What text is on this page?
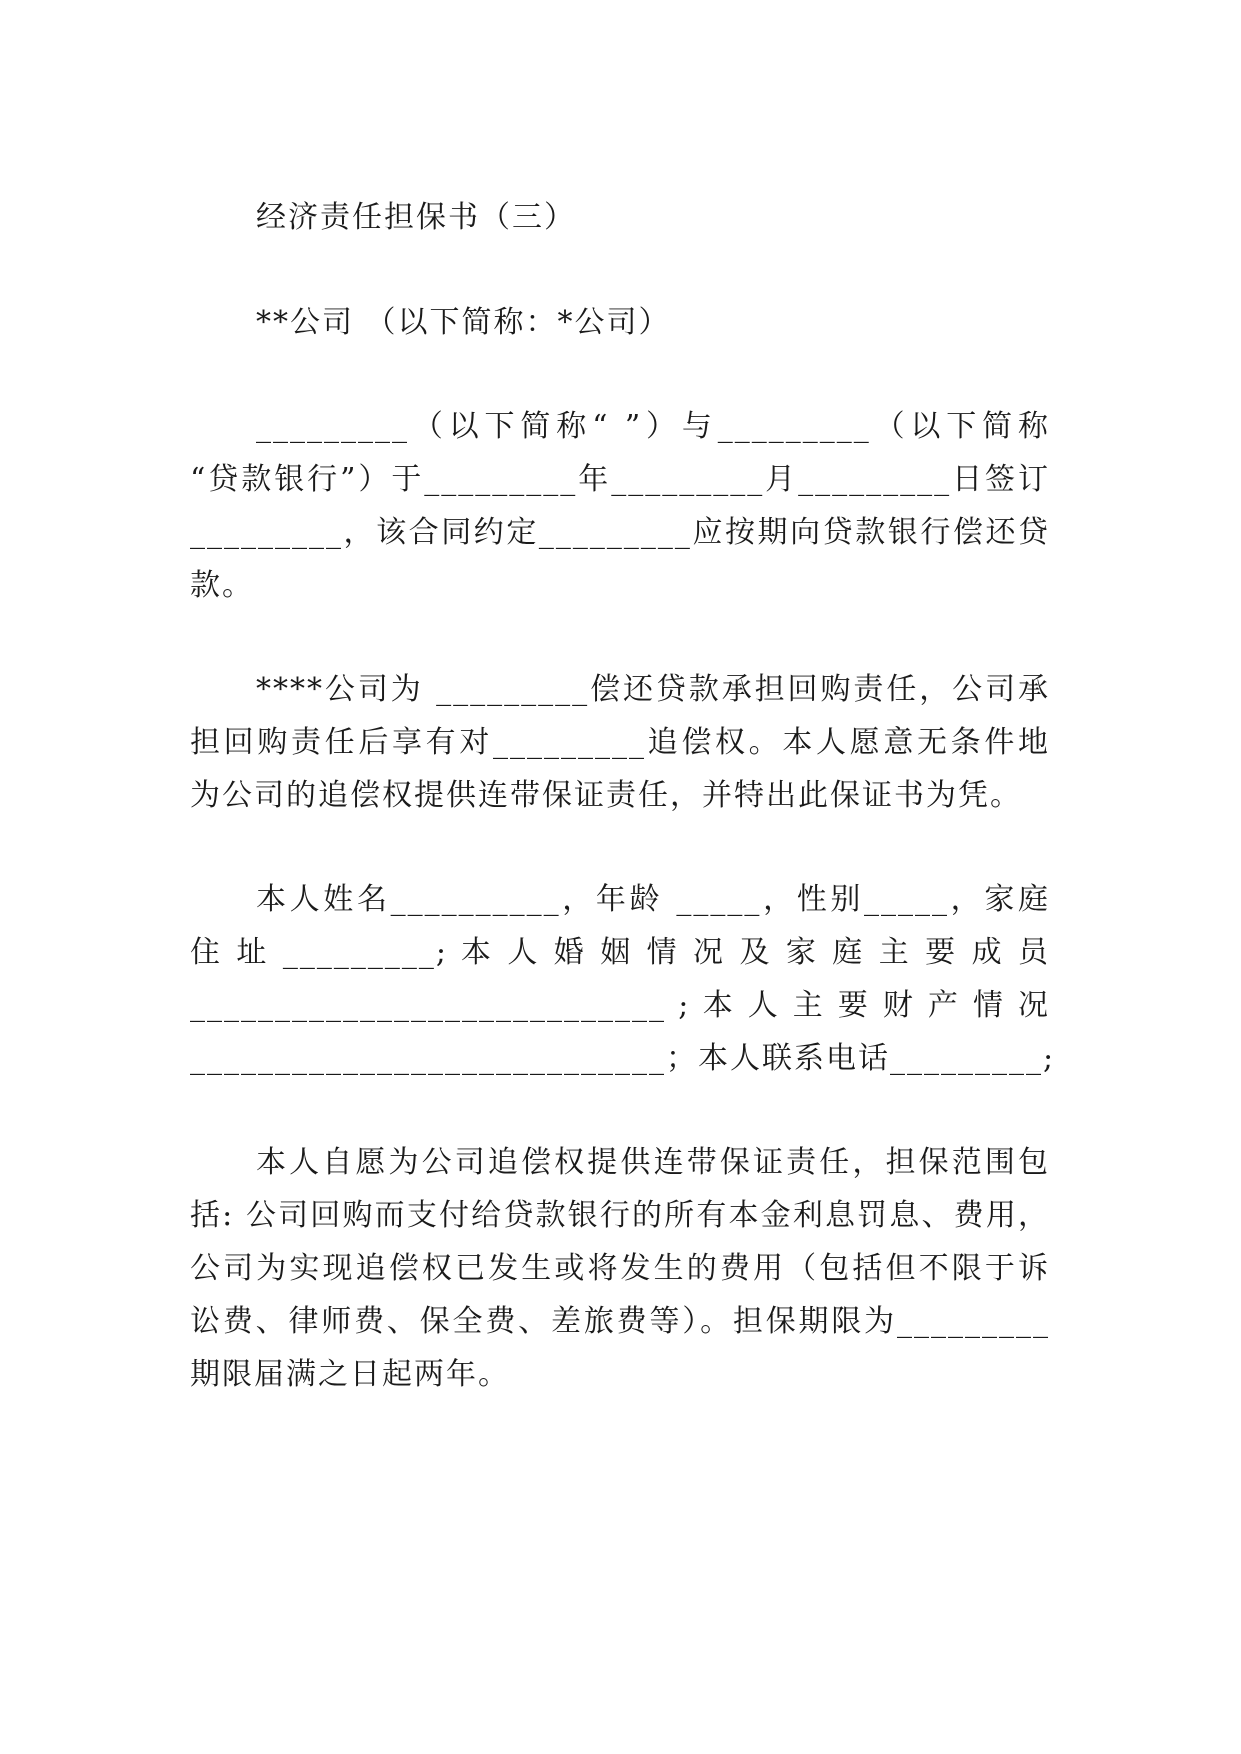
经济责任担保书（三）
**公司 （以下简称：*公司）
_________（以下简称“ ”）与_________（以下简称
“贷款银行”）于_________年_________月_________日签订
_________，该合同约定_________应按期向贷款银行偿还贷
款。
****公司为 _________偿还贷款承担回购责任，公司承
担回购责任后享有对_________追偿权。本人愿意无条件地
为公司的追偿权提供连带保证责任，并特出此保证书为凭。
本人姓名__________，年龄 _____，性别_____，家庭
住 址 _________; 本 人 婚 姻 情 况 及 家 庭 主 要 成 员
____________________________ ; 本 人 主 要 财 产 情 况
____________________________；本人联系电话_________;
本人自愿为公司追偿权提供连带保证责任，担保范围包
括: 公司回购而支付给贷款银行的所有本金利息罚息、费用，
公司为实现追偿权已发生或将发生的费用（包括但不限于诉
讼费、律师费、保全费、差旅费等）。担保期限为_________
期限届满之日起两年。
